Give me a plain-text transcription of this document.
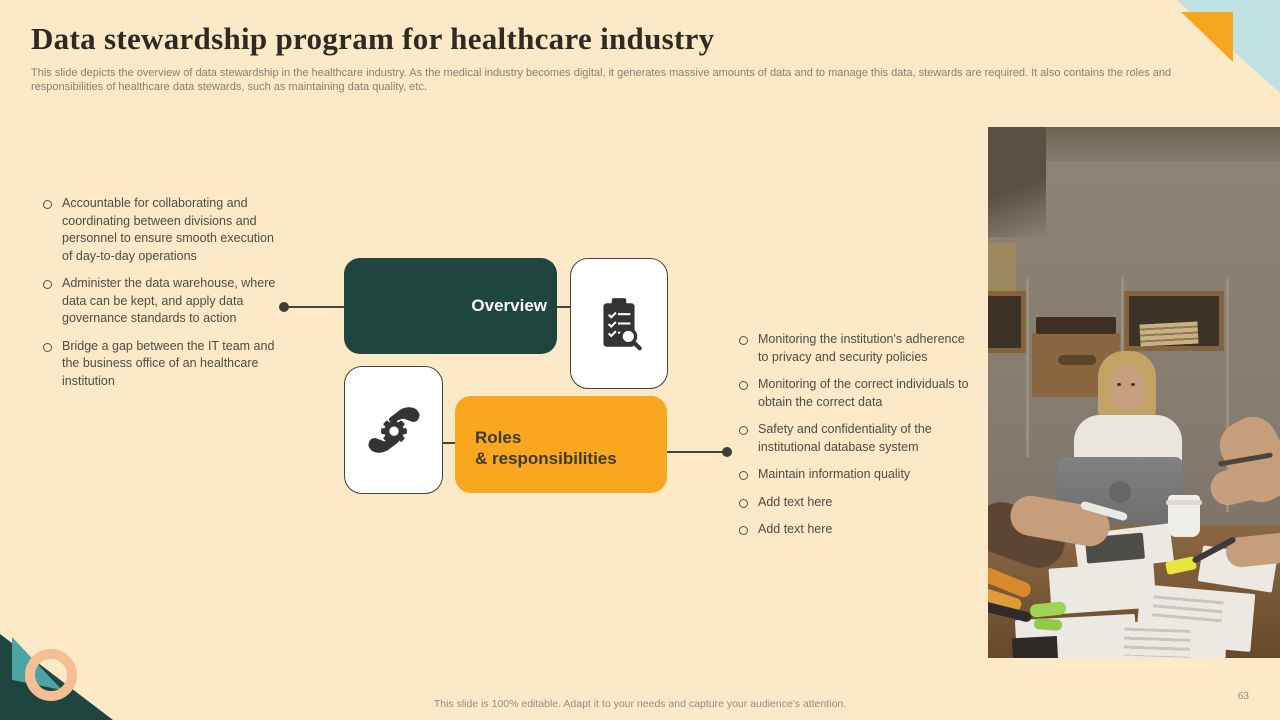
Data stewardship program for healthcare industry
This slide depicts the overview of data stewardship in the healthcare industry. As the medical industry becomes digital, it generates massive amounts of data and to manage this data, stewards are required. It also contains the roles and responsibilities of healthcare data stewards, such as maintaining data quality, etc.
Accountable for collaborating and coordinating between divisions and personnel to ensure smooth execution of day-to-day operations
Administer the data warehouse, where data can be kept, and apply data governance standards to action
Bridge a gap between the IT team and the business office of an healthcare institution
Overview
Roles
& responsibilities
Monitoring the institution's adherence to privacy and security policies
Monitoring of the correct individuals to obtain the correct data
Safety and confidentiality of the institutional database system
Maintain information quality
Add text here
Add text here
This slide is 100% editable. Adapt it to your needs and capture your audience's attention.
63
